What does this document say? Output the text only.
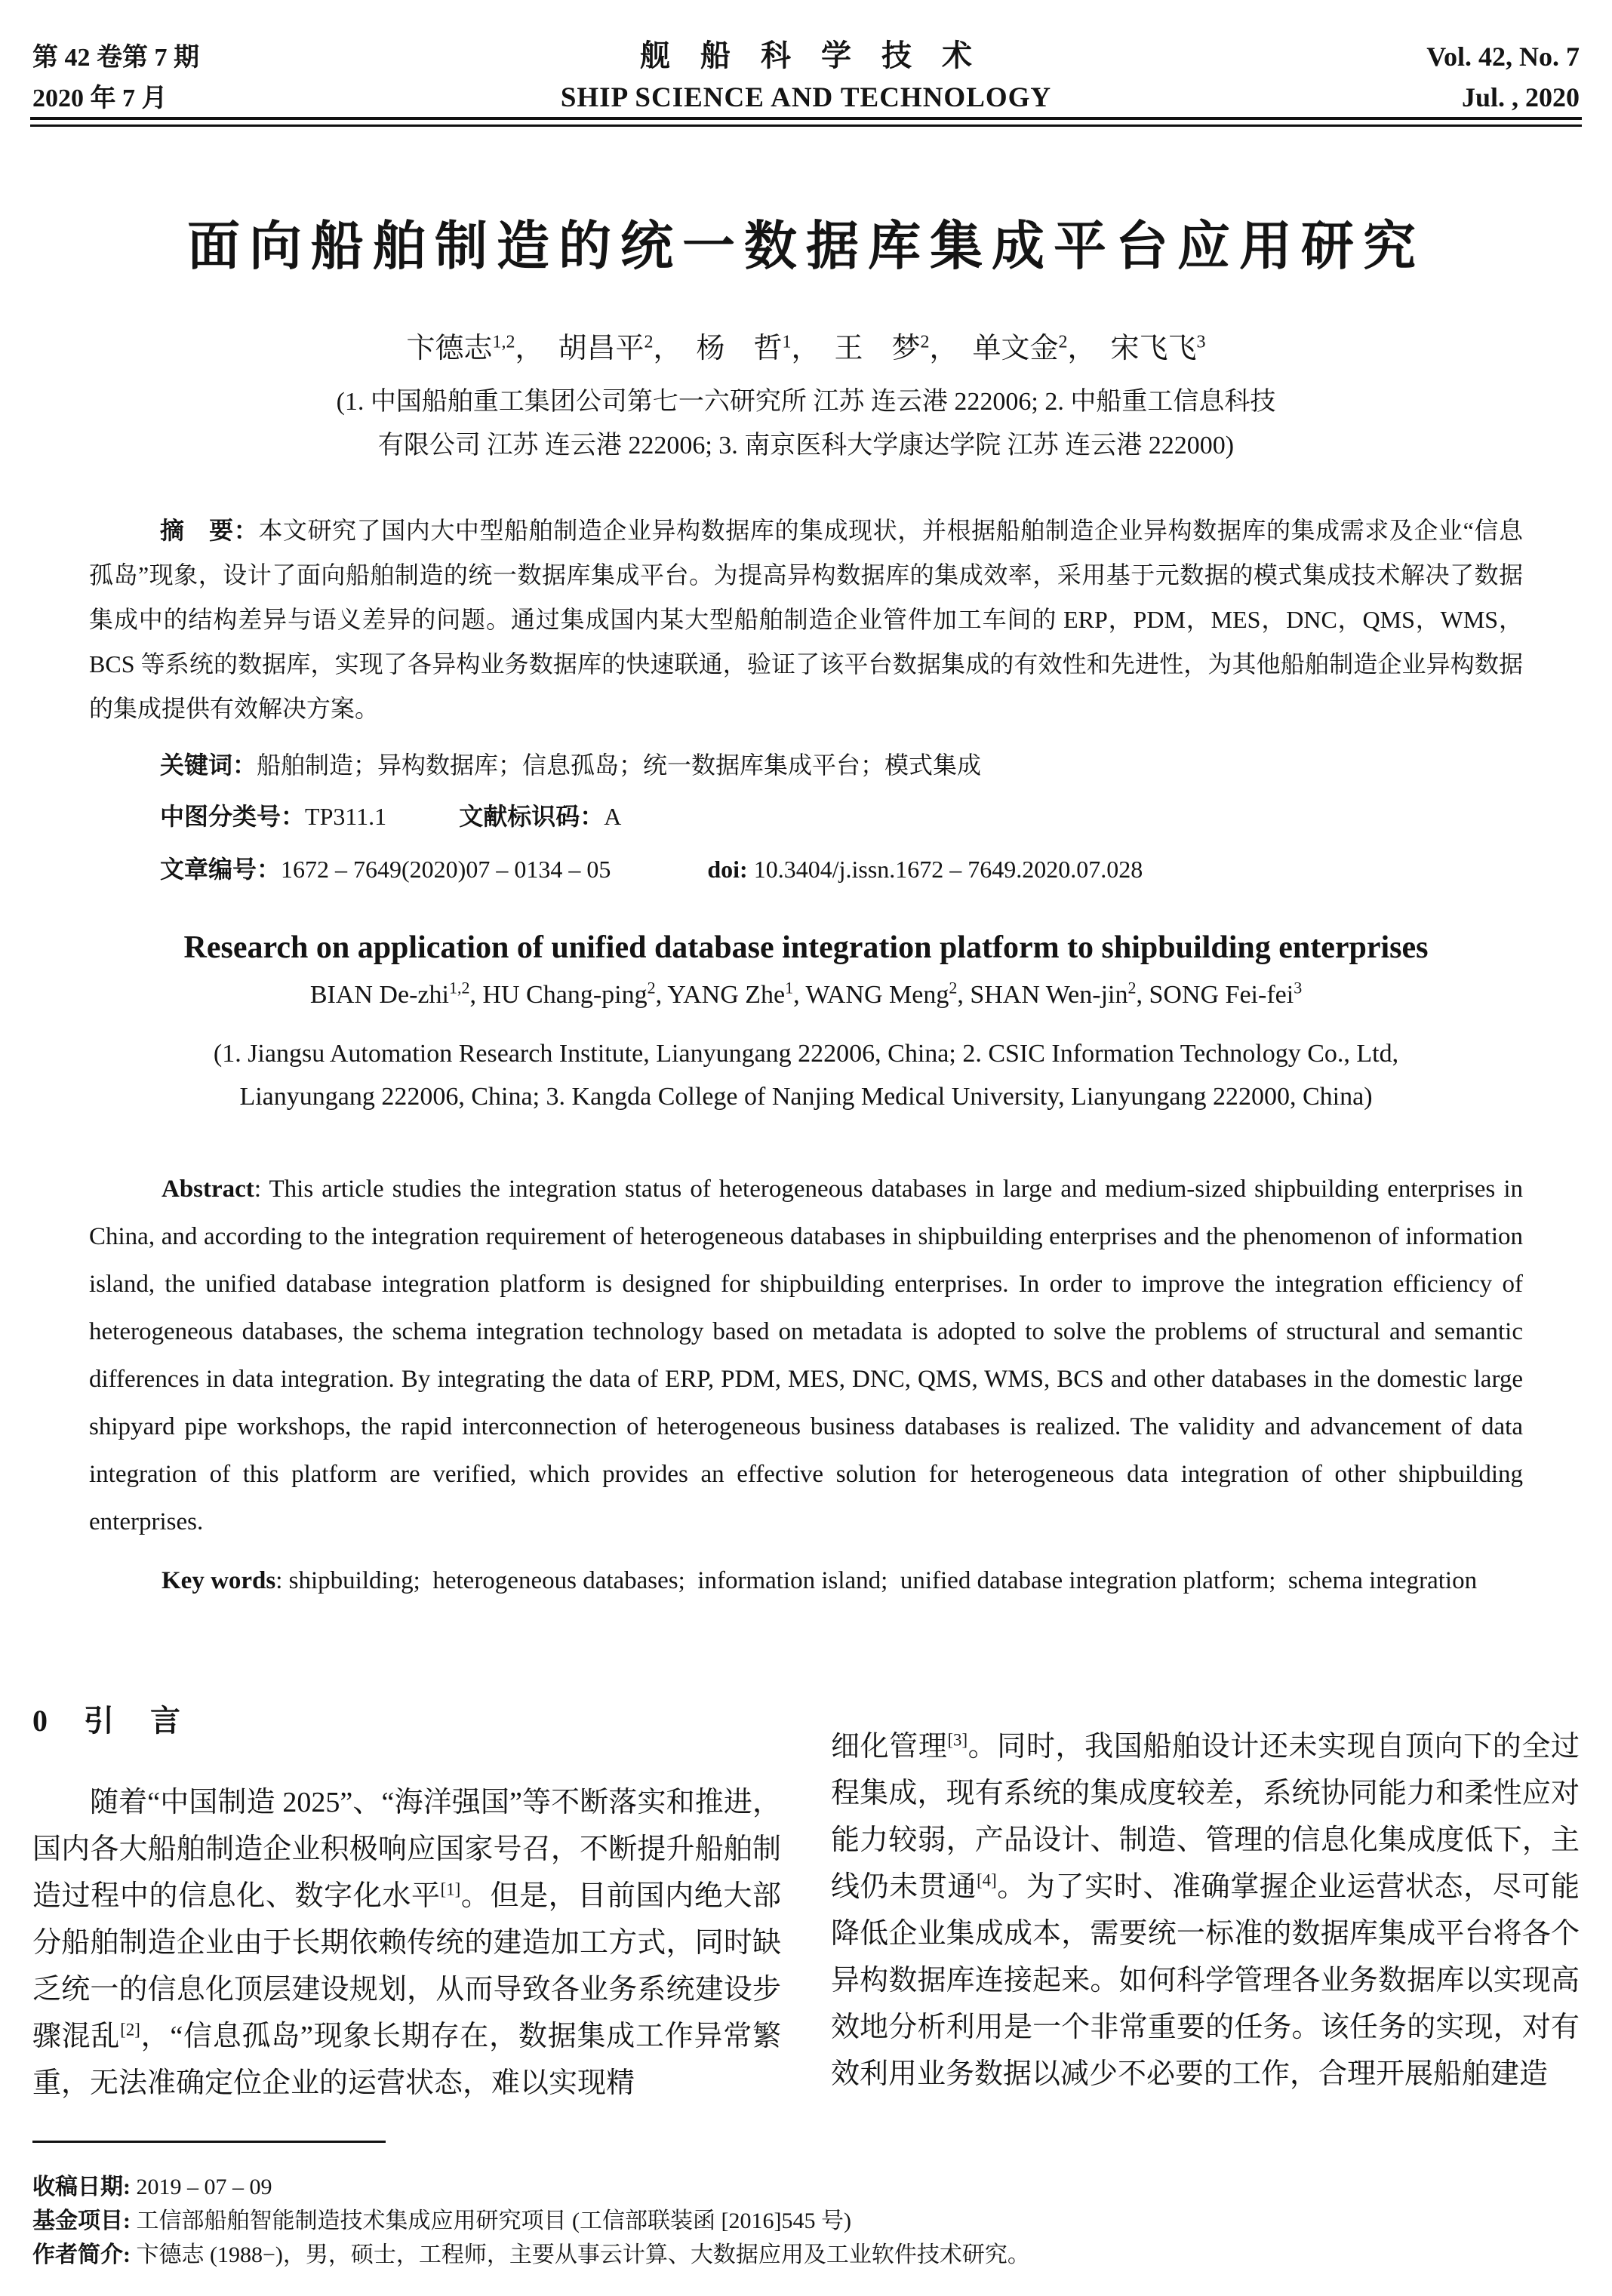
第 42 卷第 7 期	舰　船　科　学　技　术	Vol. 42, No. 7
2020 年 7 月	SHIP SCIENCE AND TECHNOLOGY	Jul. , 2020
面向船舶制造的统一数据库集成平台应用研究
卞德志$^{1,2}$， 胡昌平$^2$， 杨　哲$^1$， 王　梦$^2$， 单文金$^2$， 宋飞飞$^3$
(1. 中国船舶重工集团公司第七一六研究所 江苏 连云港 222006; 2. 中船重工信息科技
有限公司 江苏 连云港 222006; 3. 南京医科大学康达学院 江苏 连云港 222000)

摘　要：本文研究了国内大中型船舶制造企业异构数据库的集成现状，并根据船舶制造企业异构数据库的集成需求及企业“信息孤岛”现象，设计了面向船舶制造的统一数据库集成平台。为提高异构数据库的集成效率，采用基于元数据的模式集成技术解决了数据集成中的结构差异与语义差异的问题。通过集成国内某大型船舶制造企业管件加工车间的 ERP，PDM，MES，DNC，QMS，WMS，BCS 等系统的数据库，实现了各异构业务数据库的快速联通，验证了该平台数据集成的有效性和先进性，为其他船舶制造企业异构数据的集成提供有效解决方案。

关键词：船舶制造；异构数据库；信息孤岛；统一数据库集成平台；模式集成

中图分类号：TP311.1　　　	文献标识码：A

文章编号：1672 – 7649(2020)07 – 0134 – 05　　　　	doi: 10.3404/j.issn.1672 – 7649.2020.07.028

Research on application of unified database integration platform to shipbuilding enterprises
BIAN De-zhi$^{1,2}$, HU Chang-ping$^2$, YANG Zhe$^1$, WANG Meng$^2$, SHAN Wen-jin$^2$, SONG Fei-fei$^3$
(1. Jiangsu Automation Research Institute, Lianyungang 222006, China; 2. CSIC Information Technology Co., Ltd,
Lianyungang 222006, China; 3. Kangda College of Nanjing Medical University, Lianyungang 222000, China)

Abstract: This article studies the integration status of heterogeneous databases in large and medium-sized shipbuilding enterprises in China, and according to the integration requirement of heterogeneous databases in shipbuilding enterprises and the phenomenon of information island, the unified database integration platform is designed for shipbuilding enterprises. In order to improve the integration efficiency of heterogeneous databases, the schema integration technology based on metadata is adopted to solve the problems of structural and semantic differences in data integration. By integrating the data of ERP, PDM, MES, DNC, QMS, WMS, BCS and other databases in the domestic large shipyard pipe workshops, the rapid interconnection of heterogeneous business databases is realized. The validity and advancement of data integration of this platform are verified, which provides an effective solution for heterogeneous data integration of other shipbuilding enterprises.

Key words: shipbuilding; heterogeneous databases; information island; unified database integration platform; schema integration

0　引　言

随着“中国制造 2025”、“海洋强国”等不断落实和推进，国内各大船舶制造企业积极响应国家号召，不断提升船舶制造过程中的信息化、数字化水平[1]。但是，目前国内绝大部分船舶制造企业由于长期依赖传统的建造加工方式，同时缺乏统一的信息化顶层建设规划，从而导致各业务系统建设步骤混乱[2]，“信息孤岛”现象长期存在，数据集成工作异常繁重，无法准确定位企业的运营状态，难以实现精

细化管理[3]。同时，我国船舶设计还未实现自顶向下的全过程集成，现有系统的集成度较差，系统协同能力和柔性应对能力较弱，产品设计、制造、管理的信息化集成度低下，主线仍未贯通[4]。为了实时、准确掌握企业运营状态，尽可能降低企业集成成本，需要统一标准的数据库集成平台将各个异构数据库连接起来。如何科学管理各业务数据库以实现高效地分析利用是一个非常重要的任务。该任务的实现，对有效利用业务数据以减少不必要的工作，合理开展船舶建造

收稿日期: 2019 – 07 – 09
基金项目: 工信部船舶智能制造技术集成应用研究项目 (工信部联装函 [2016]545 号)
作者简介: 卞德志 (1988−)，男，硕士，工程师，主要从事云计算、大数据应用及工业软件技术研究。
